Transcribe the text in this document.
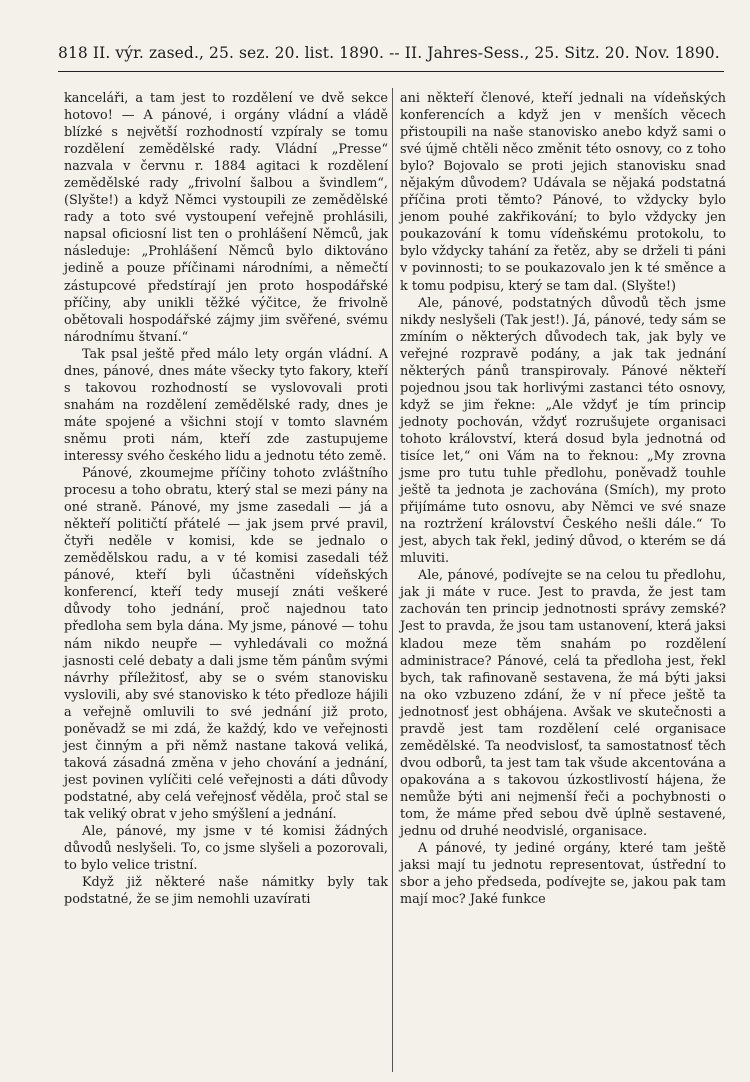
818 II. výr. zased., 25. sez. 20. list. 1890. -- II. Jahres-Sess., 25. Sitz. 20. Nov. 1890.

kanceláři, a tam jest to rozdělení ve dvě sekce hotovo! — A pánové, i orgány vládní a vládě blízké s největší rozhodností vzpíraly se tomu rozdělení zemědělské rady. Vládní „Presse“ nazvala v červnu r. 1884 agitaci k rozdělení zemědělské rady „frivolní šalbou a švindlem“, (Slyšte!) a když Němci vystoupili ze zemědělské rady a toto své vystoupení veřejně prohlásili, napsal oficiosní list ten o prohlášení Němců, jak následuje: „Prohlášení Němců bylo diktováno jedině a pouze příčinami národními, a němečtí zástupcové předstírají jen proto hospodářské příčiny, aby unikli těžké výčitce, že frivolně obětovali hospodářské zájmy jim svěřené, svému národnímu štvaní.“

Tak psal ještě před málo lety orgán vládní. A dnes, pánové, dnes máte všecky tyto fakory, kteří s takovou rozhodností se vyslovovali proti snahám na rozdělení zemědělské rady, dnes je máte spojené a všichni stojí v tomto slavném sněmu proti nám, kteří zde zastupujeme interessy svého českého lidu a jednotu této země.

Pánové, zkoumejme příčiny tohoto zvláštního procesu a toho obratu, který stal se mezi pány na oné straně. Pánové, my jsme zasedali — já a někteří političtí přátelé — jak jsem prvé pravil, čtyři neděle v komisi, kde se jednalo o zemědělskou radu, a v té komisi zasedali též pánové, kteří byli účastněni vídeňských konferencí, kteří tedy musejí znáti veškeré důvody toho jednání, proč najednou tato předloha sem byla dána. My jsme, pánové — tohu nám nikdo neupře — vyhledávali co možná jasnosti celé debaty a dali jsme těm pánům svými návrhy příležitosť, aby se o svém stanovisku vyslovili, aby své stanovisko k této předloze hájili a veřejně omluvili to své jednání již proto, poněvadž se mi zdá, že každý, kdo ve veřejnosti jest činným a při němž nastane taková veliká, taková zásadná změna v jeho chování a jednání, jest povinen vylíčiti celé veřejnosti a dáti důvody podstatné, aby celá veřejnosť věděla, proč stal se tak veliký obrat v jeho smýšlení a jednání.

Ale, pánové, my jsme v té komisi žádných důvodů neslyšeli. To, co jsme slyšeli a pozorovali, to bylo velice tristní.

Když již některé naše námitky byly tak podstatné, že se jim nemohli uzavírati

ani někteří členové, kteří jednali na vídeňských konferencích a když jen v menších věcech přistoupili na naše stanovisko anebo když sami o své újmě chtěli něco změnit této osnovy, co z toho bylo? Bojovalo se proti jejich stanovisku snad nějakým důvodem? Udávala se nějaká podstatná příčina proti těmto? Pánové, to vždycky bylo jenom pouhé zakřikování; to bylo vždycky jen poukazování k tomu vídeňskému protokolu, to bylo vždycky tahání za řetěz, aby se drželi ti páni v povinnosti; to se poukazovalo jen k té směnce a k tomu podpisu, který se tam dal. (Slyšte!)

Ale, pánové, podstatných důvodů těch jsme nikdy neslyšeli (Tak jest!). Já, pánové, tedy sám se zmíním o některých důvodech tak, jak byly ve veřejné rozpravě podány, a jak tak jednání některých pánů transpirovaly. Pánové někteří pojednou jsou tak horlivými zastanci této osnovy, když se jim řekne: „Ale vždyť je tím princip jednoty pochován, vždyť rozrušujete organisaci tohoto království, která dosud byla jednotná od tisíce let,“ oni Vám na to řeknou: „My zrovna jsme pro tutu tuhle předlohu, poněvadž touhle ještě ta jednota je zachována (Smích), my proto přijímáme tuto osnovu, aby Němci ve své snaze na roztržení království Českého nešli dále.“ To jest, abych tak řekl, jediný důvod, o kterém se dá mluviti.

Ale, pánové, podívejte se na celou tu předlohu, jak ji máte v ruce. Jest to pravda, že jest tam zachován ten princip jednotnosti správy zemské? Jest to pravda, že jsou tam ustanovení, která jaksi kladou meze těm snahám po rozdělení administrace? Pánové, celá ta předloha jest, řekl bych, tak rafinovaně sestavena, že má býti jaksi na oko vzbuzeno zdání, že v ní přece ještě ta jednotnosť jest obhájena. Avšak ve skutečnosti a pravdě jest tam rozdělení celé organisace zemědělské. Ta neodvislosť, ta samostatnosť těch dvou odborů, ta jest tam tak všude akcentována a opakována a s takovou úzkostlivostí hájena, že nemůže býti ani nejmenší řeči a pochybnosti o tom, že máme před sebou dvě úplně sestavené, jednu od druhé neodvislé, organisace.

A pánové, ty jediné orgány, které tam ještě jaksi mají tu jednotu representovat, ústřední to sbor a jeho předseda, podívejte se, jakou pak tam mají moc? Jaké funkce
